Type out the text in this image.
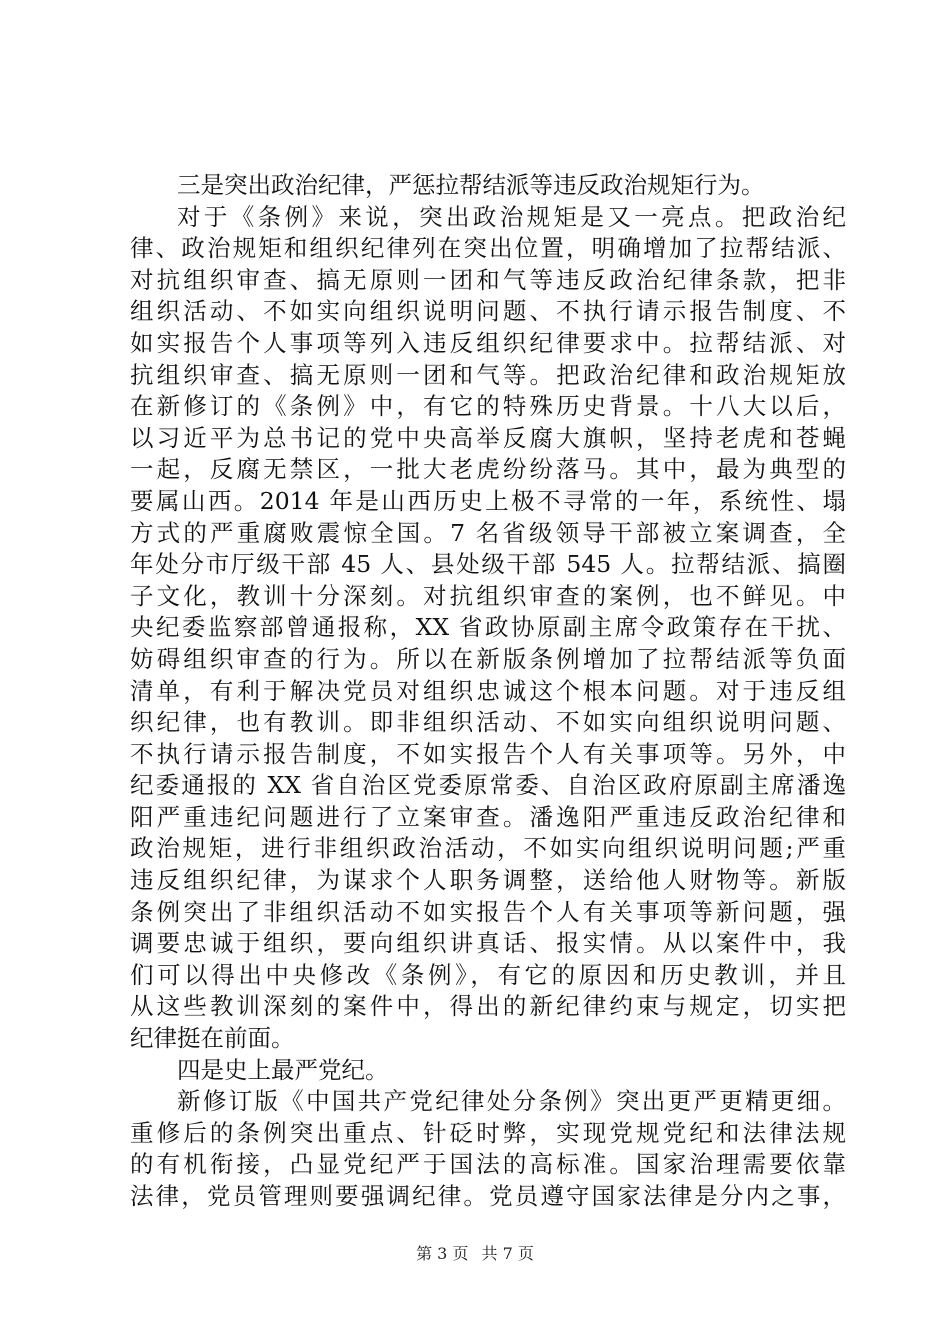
三是突出政治纪律，严惩拉帮结派等违反政治规矩行为。
对于《条例》来说，突出政治规矩是又一亮点。把政治纪
律、政治规矩和组织纪律列在突出位置，明确增加了拉帮结派、
对抗组织审查、搞无原则一团和气等违反政治纪律条款，把非
组织活动、不如实向组织说明问题、不执行请示报告制度、不
如实报告个人事项等列入违反组织纪律要求中。拉帮结派、对
抗组织审查、搞无原则一团和气等。把政治纪律和政治规矩放
在新修订的《条例》中，有它的特殊历史背景。十八大以后，
以习近平为总书记的党中央高举反腐大旗帜，坚持老虎和苍蝇
一起，反腐无禁区，一批大老虎纷纷落马。其中，最为典型的
要属山西。2014 年是山西历史上极不寻常的一年，系统性、塌
方式的严重腐败震惊全国。7 名省级领导干部被立案调查，全
年处分市厅级干部 45 人、县处级干部 545 人。拉帮结派、搞圈
子文化，教训十分深刻。对抗组织审查的案例，也不鲜见。中
央纪委监察部曾通报称，XX 省政协原副主席令政策存在干扰、
妨碍组织审查的行为。所以在新版条例增加了拉帮结派等负面
清单，有利于解决党员对组织忠诚这个根本问题。对于违反组
织纪律，也有教训。即非组织活动、不如实向组织说明问题、
不执行请示报告制度，不如实报告个人有关事项等。另外，中
纪委通报的 XX 省自治区党委原常委、自治区政府原副主席潘逸
阳严重违纪问题进行了立案审查。潘逸阳严重违反政治纪律和
政治规矩，进行非组织政治活动，不如实向组织说明问题;严重
违反组织纪律，为谋求个人职务调整，送给他人财物等。新版
条例突出了非组织活动不如实报告个人有关事项等新问题，强
调要忠诚于组织，要向组织讲真话、报实情。从以案件中，我
们可以得出中央修改《条例》，有它的原因和历史教训，并且
从这些教训深刻的案件中，得出的新纪律约束与规定，切实把
纪律挺在前面。
四是史上最严党纪。
新修订版《中国共产党纪律处分条例》突出更严更精更细。
重修后的条例突出重点、针砭时弊，实现党规党纪和法律法规
的有机衔接，凸显党纪严于国法的高标准。国家治理需要依靠
法律，党员管理则要强调纪律。党员遵守国家法律是分内之事，
第 3 页 共 7 页
